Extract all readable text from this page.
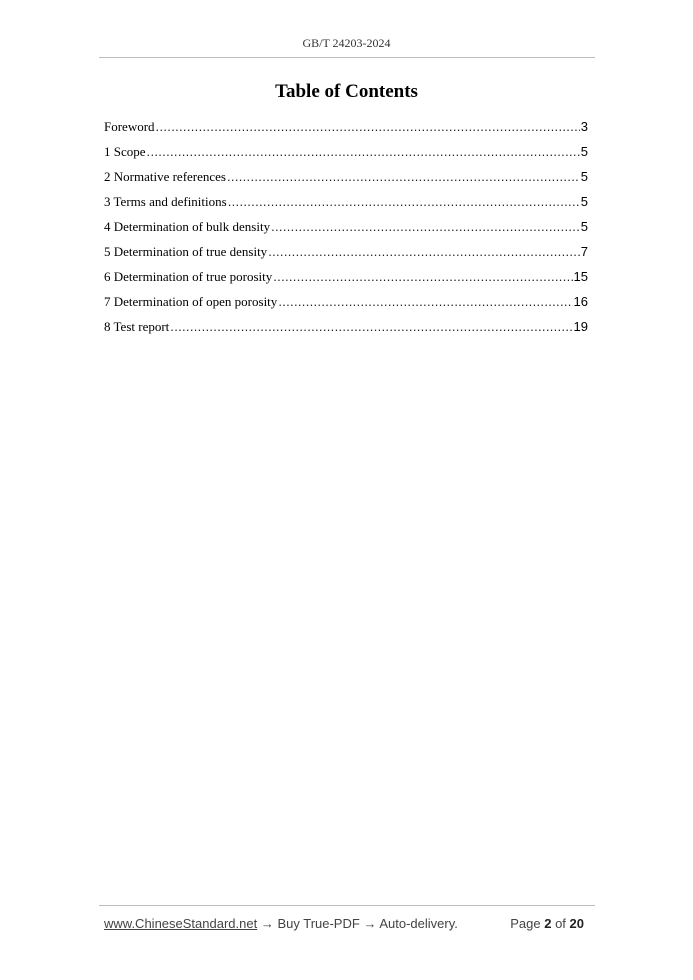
GB/T 24203-2024
Table of Contents
Foreword .....	3
1 Scope .....	5
2 Normative references .....	5
3 Terms and definitions .....	5
4 Determination of bulk density .....	5
5 Determination of true density .....	7
6 Determination of true porosity .....	15
7 Determination of open porosity .....	16
8 Test report .....	19
www.ChineseStandard.net → Buy True-PDF → Auto-delivery.	Page 2 of 20
